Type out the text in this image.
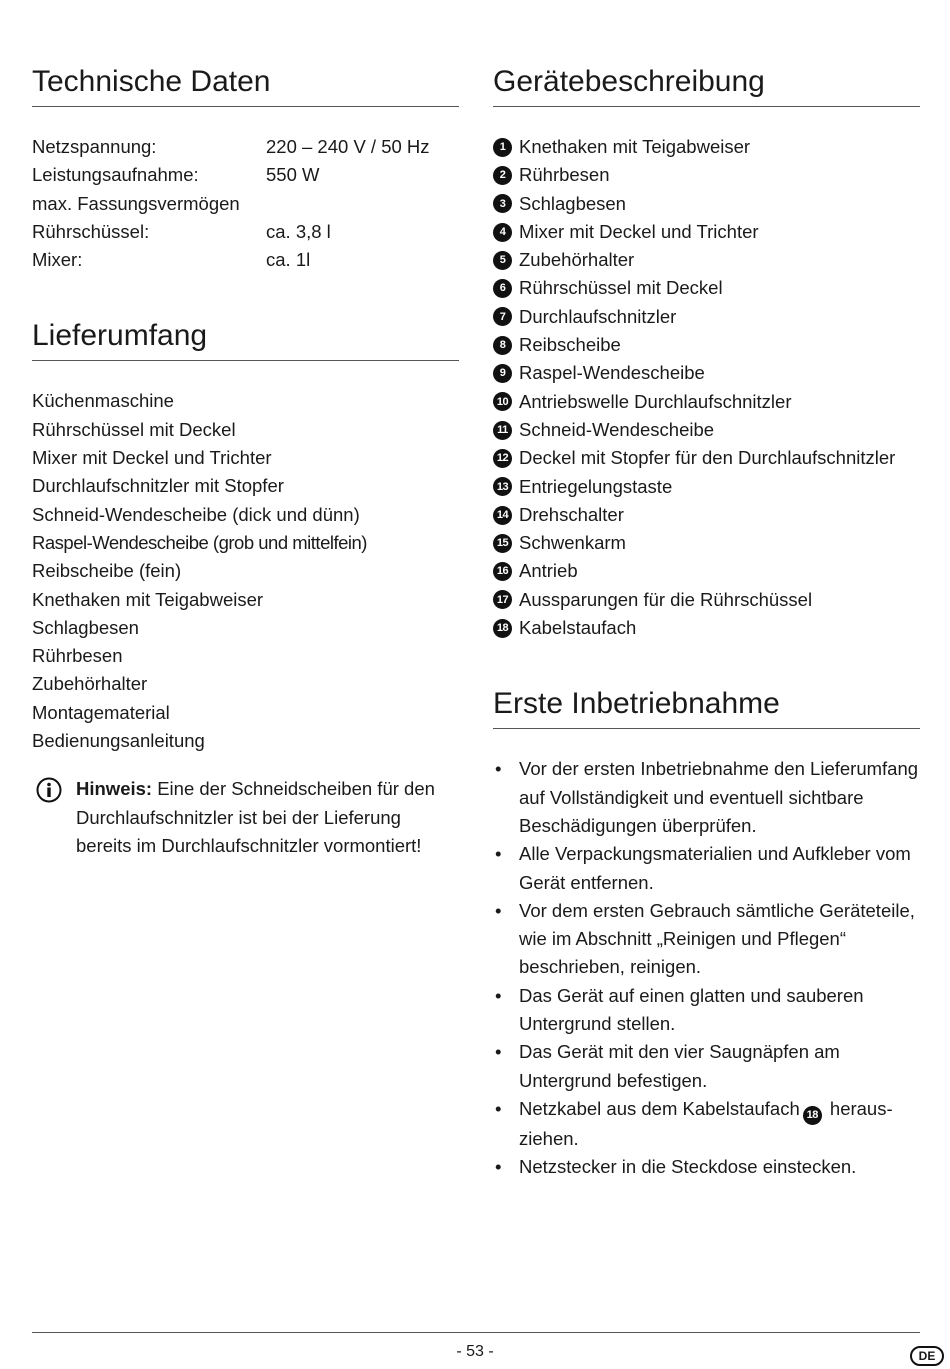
Technische Daten
Netzspannung:	220 – 240 V / 50 Hz
Leistungsaufnahme:	550 W
max. Fassungsvermögen
Rührschüssel:	ca. 3,8 l
Mixer:	ca. 1l
Lieferumfang
Küchenmaschine
Rührschüssel mit Deckel
Mixer mit Deckel und Trichter
Durchlaufschnitzler mit Stopfer
Schneid-Wendescheibe (dick und dünn)
Raspel-Wendescheibe (grob und mittelfein)
Reibscheibe (fein)
Knethaken mit Teigabweiser
Schlagbesen
Rührbesen
Zubehörhalter
Montagematerial
Bedienungsanleitung
Hinweis: Eine der Schneidscheiben für den Durchlaufschnitzler ist bei der Lieferung bereits im Durchlaufschnitzler vormontiert!
Gerätebeschreibung
1 Knethaken mit Teigabweiser
2 Rührbesen
3 Schlagbesen
4 Mixer mit Deckel und Trichter
5 Zubehörhalter
6 Rührschüssel mit Deckel
7 Durchlaufschnitzler
8 Reibscheibe
9 Raspel-Wendescheibe
10 Antriebswelle Durchlaufschnitzler
11 Schneid-Wendescheibe
12 Deckel mit Stopfer für den Durchlaufschnitzler
13 Entriegelungstaste
14 Drehschalter
15 Schwenkarm
16 Antrieb
17 Aussparungen für die Rührschüssel
18 Kabelstaufach
Erste Inbetriebnahme
• Vor der ersten Inbetriebnahme den Lieferumfang auf Vollständigkeit und eventuell sichtbare Beschädigungen überprüfen.
• Alle Verpackungsmaterialien und Aufkleber vom Gerät entfernen.
• Vor dem ersten Gebrauch sämtliche Geräteteile, wie im Abschnitt „Reinigen und Pflegen“ beschrieben, reinigen.
• Das Gerät auf einen glatten und sauberen Untergrund stellen.
• Das Gerät mit den vier Saugnäpfen am Untergrund befestigen.
• Netzkabel aus dem Kabelstaufach 18 heraus-ziehen.
• Netzstecker in die Steckdose einstecken.
- 53 -	DE
